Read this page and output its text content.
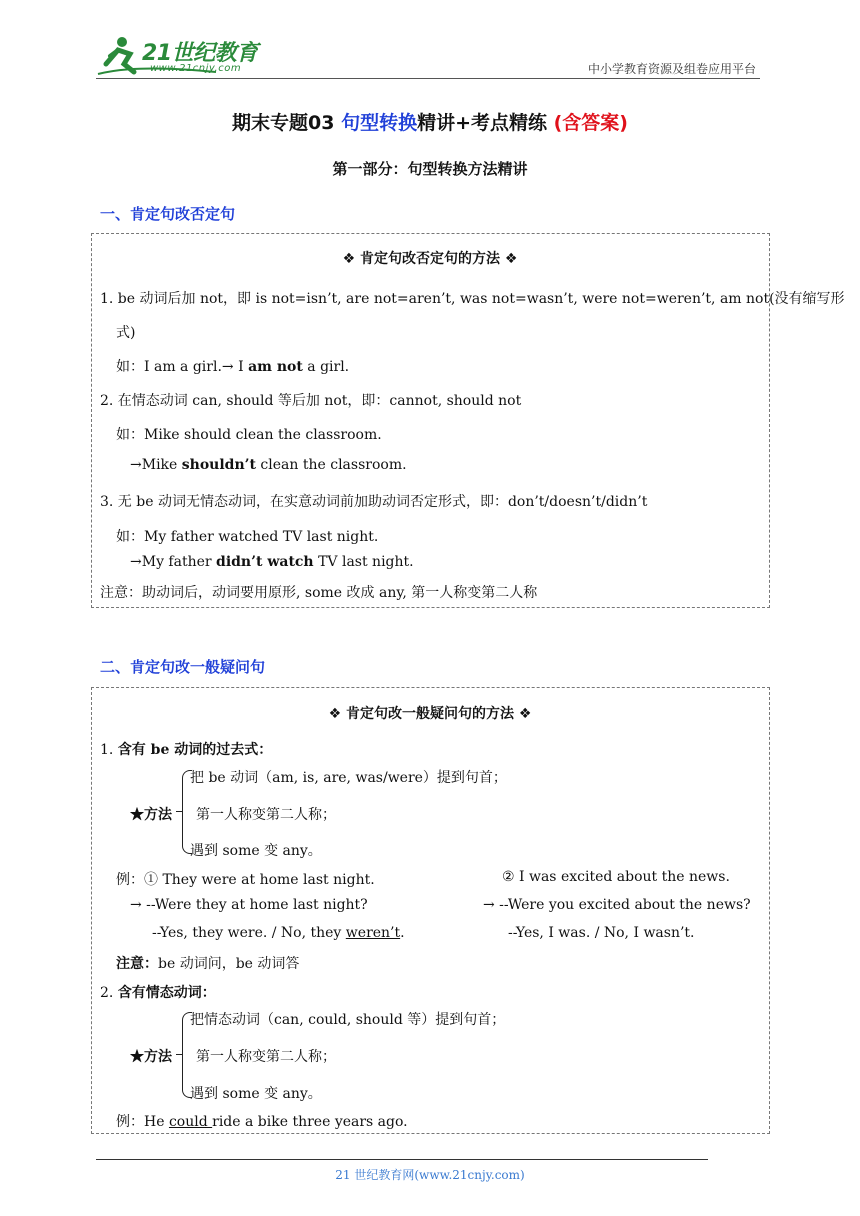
21世纪教育
www.21cnjy.com	中小学教育资源及组卷应用平台
期末专题03 句型转换精讲+考点精练 (含答案)
第一部分：句型转换方法精讲
一、肯定句改否定句
❖ 肯定句改否定句的方法 ❖
1. be 动词后加 not，即 is not=isn’t, are not=aren’t, was not=wasn’t, were not=weren’t, am not(没有缩写形
式)
如：I am a girl.→ I am not a girl.
2. 在情态动词 can, should 等后加 not，即：cannot, should not
如：Mike should clean the classroom.
→Mike shouldn’t clean the classroom.
3. 无 be 动词无情态动词，在实意动词前加助动词否定形式，即：don’t/doesn’t/didn’t
如：My father watched TV last night.
→My father didn’t watch TV last night.
注意：助动词后，动词要用原形, some 改成 any, 第一人称变第二人称
二、肯定句改一般疑问句
❖ 肯定句改一般疑问句的方法 ❖
1. 含有 be 动词的过去式：
把 be 动词（am, is, are, was/were）提到句首；
★方法 第一人称变第二人称；
遇到 some 变 any。
例：① They were at home last night.	② I was excited about the news.
→ --Were they at home last night?	→ --Were you excited about the news?
--Yes, they were. / No, they weren’t.	--Yes, I was. / No, I wasn’t.
注意：be 动词问，be 动词答
2. 含有情态动词：
把情态动词（can, could, should 等）提到句首；
★方法 第一人称变第二人称；
遇到 some 变 any。
例：He could ride a bike three years ago.
21 世纪教育网(www.21cnjy.com)
